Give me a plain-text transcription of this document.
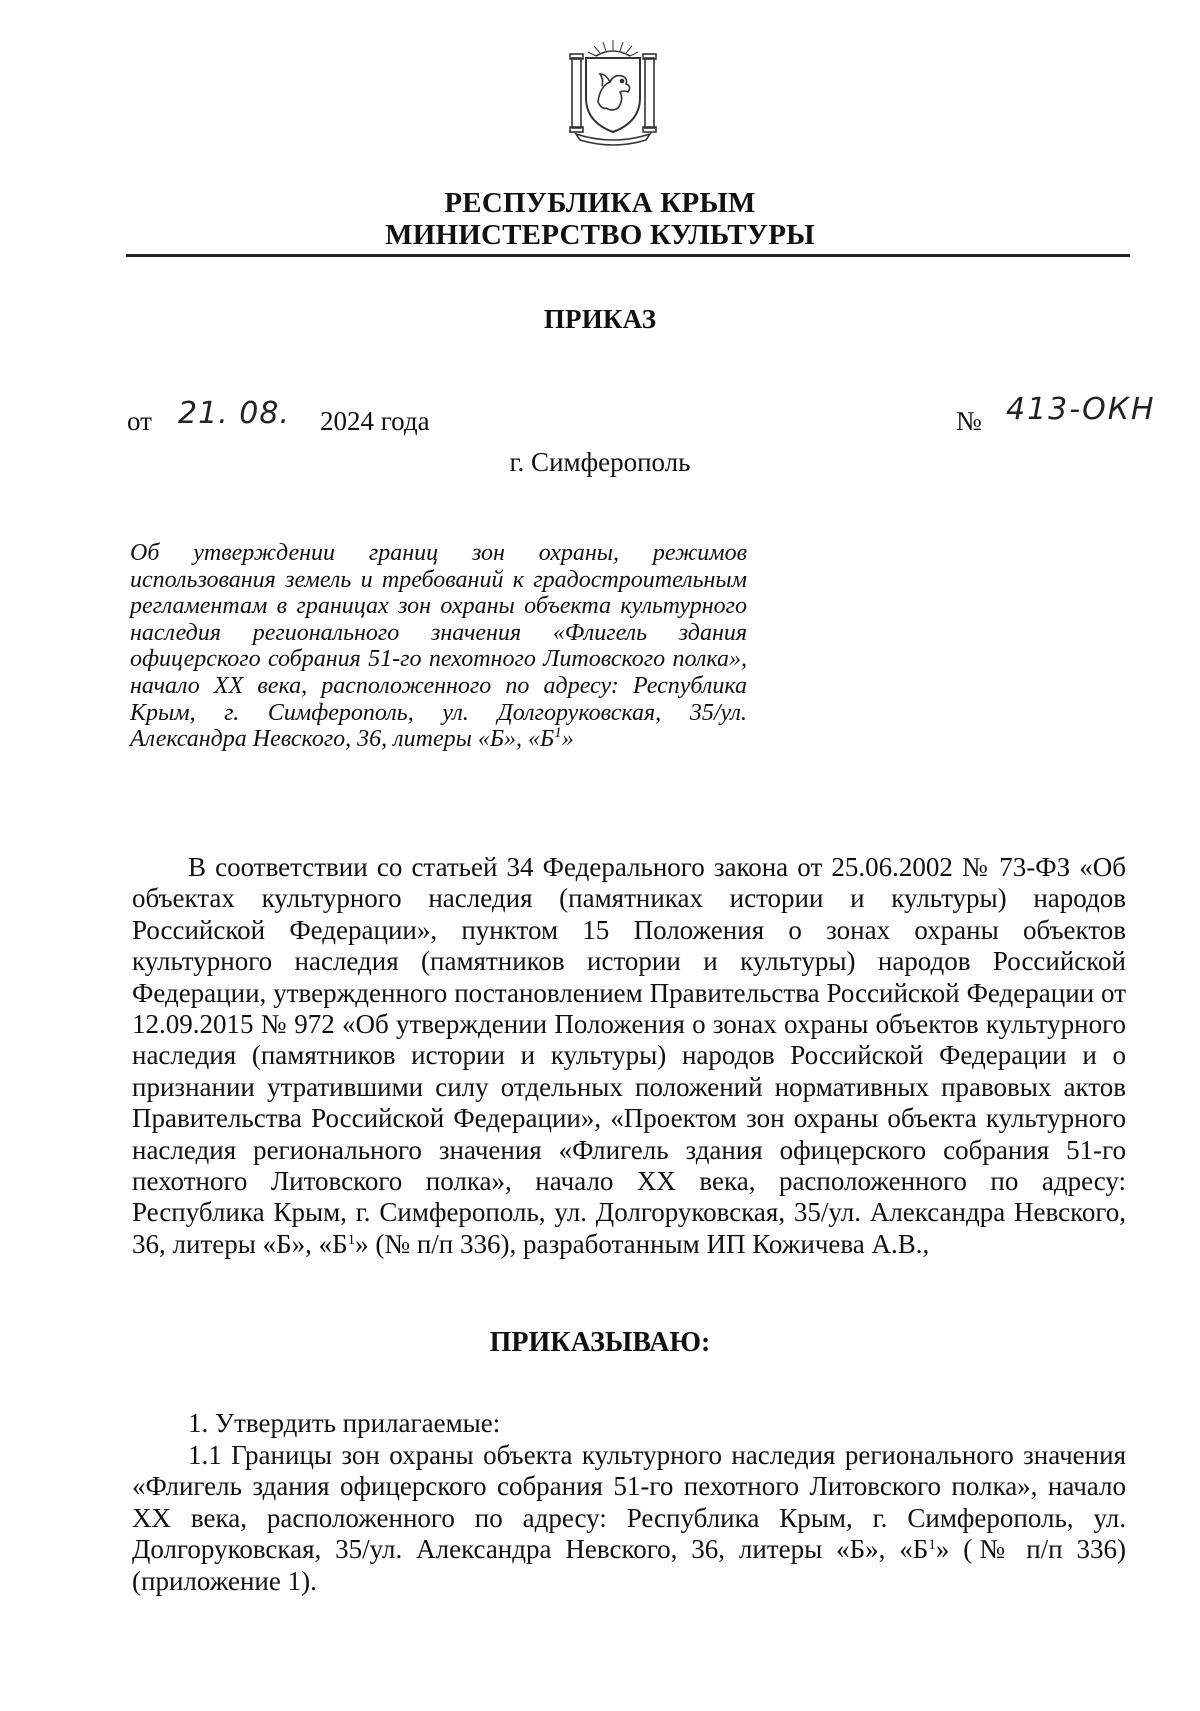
РЕСПУБЛИКА КРЫМ
МИНИСТЕРСТВО КУЛЬТУРЫ
ПРИКАЗ
от 21. 08. 2024 года	№ 413-ОКН
г. Симферополь
Об утверждении границ зон охраны, режимов использования земель и требований к градостроительным регламентам в границах зон охраны объекта культурного наследия регионального значения «Флигель здания офицерского собрания 51-го пехотного Литовского полка», начало XX века, расположенного по адресу: Республика Крым, г. Симферополь, ул. Долгоруковская, 35/ул. Александра Невского, 36, литеры «Б», «$Б^1$»

В соответствии со статьей 34 Федерального закона от 25.06.2002 № 73-ФЗ «Об объектах культурного наследия (памятниках истории и культуры) народов Российской Федерации», пунктом 15 Положения о зонах охраны объектов культурного наследия (памятников истории и культуры) народов Российской Федерации, утвержденного постановлением Правительства Российской Федерации от 12.09.2015 № 972 «Об утверждении Положения о зонах охраны объектов культурного наследия (памятников истории и культуры) народов Российской Федерации и о признании утратившими силу отдельных положений нормативных правовых актов Правительства Российской Федерации», «Проектом зон охраны объекта культурного наследия регионального значения «Флигель здания офицерского собрания 51-го пехотного Литовского полка», начало XX века, расположенного по адресу: Республика Крым, г. Симферополь, ул. Долгоруковская, 35/ул. Александра Невского, 36, литеры «Б», «$Б^1$» (№ п/п 336), разработанным ИП Кожичева А.В.,

ПРИКАЗЫВАЮ:

1. Утвердить прилагаемые:

1.1 Границы зон охраны объекта культурного наследия регионального значения «Флигель здания офицерского собрания 51-го пехотного Литовского полка», начало XX века, расположенного по адресу: Республика Крым, г. Симферополь, ул. Долгоруковская, 35/ул. Александра Невского, 36, литеры «Б», «$Б^1$» (№ п/п 336) (приложение 1).
